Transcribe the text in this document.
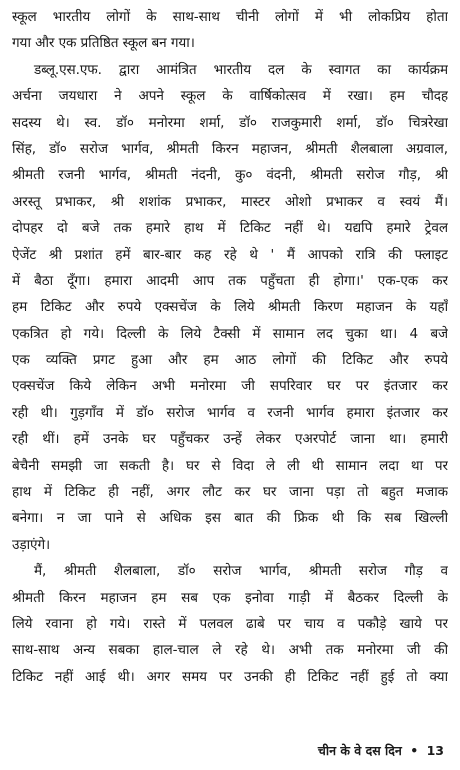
स्कूल भारतीय लोगों के साथ-साथ चीनी लोगों में भी लोकप्रिय होता
गया और एक प्रतिष्ठित स्कूल बन गया।
डब्लू.एस.एफ. द्वारा आमंत्रित भारतीय दल के स्वागत का कार्यक्रम
अर्चना जयधारा ने अपने स्कूल के वार्षिकोत्सव में रखा। हम चौदह
सदस्य थे। स्व. डॉ० मनोरमा शर्मा, डॉ० राजकुमारी शर्मा, डॉ० चित्ररेखा
सिंह, डॉ० सरोज भार्गव, श्रीमती किरन महाजन, श्रीमती शैलबाला अग्रवाल,
श्रीमती रजनी भार्गव, श्रीमती नंदनी, कु० वंदनी, श्रीमती सरोज गौड़, श्री
अरस्तू प्रभाकर, श्री शशांक प्रभाकर, मास्टर ओशो प्रभाकर व स्वयं मैं।
दोपहर दो बजे तक हमारे हाथ में टिकिट नहीं थे। यद्यपि हमारे ट्रेवल
ऐजेंट श्री प्रशांत हमें बार-बार कह रहे थे ' मैं आपको रात्रि की फ्लाइट
में बैठा दूँगा। हमारा आदमी आप तक पहुँचता ही होगा।' एक-एक कर
हम टिकिट और रुपये एक्सचेंज के लिये श्रीमती किरण महाजन के यहाँ
एकत्रित हो गये। दिल्ली के लिये टैक्सी में सामान लद चुका था। 4 बजे
एक व्यक्ति प्रगट हुआ और हम आठ लोगों की टिकिट और रुपये
एक्सचेंज किये लेकिन अभी मनोरमा जी सपरिवार घर पर इंतजार कर
रही थी। गुड़गाँव में डॉ० सरोज भार्गव व रजनी भार्गव हमारा इंतजार कर
रही थीं। हमें उनके घर पहुँचकर उन्हें लेकर एअरपोर्ट जाना था। हमारी
बेचैनी समझी जा सकती है। घर से विदा ले ली थी सामान लदा था पर
हाथ में टिकिट ही नहीं, अगर लौट कर घर जाना पड़ा तो बहुत मजाक
बनेगा। न जा पाने से अधिक इस बात की फ्रिक थी कि सब खिल्ली
उड़ाएंगे।
मैं, श्रीमती शैलबाला, डॉ० सरोज भार्गव, श्रीमती सरोज गौड़ व
श्रीमती किरन महाजन हम सब एक इनोवा गाड़ी में बैठकर दिल्ली के
लिये रवाना हो गये। रास्ते में पलवल ढाबे पर चाय व पकौड़े खाये पर
साथ-साथ अन्य सबका हाल-चाल ले रहे थे। अभी तक मनोरमा जी की
टिकिट नहीं आई थी। अगर समय पर उनकी ही टिकिट नहीं हुई तो क्या
चीन के वे दस दिन • 13
